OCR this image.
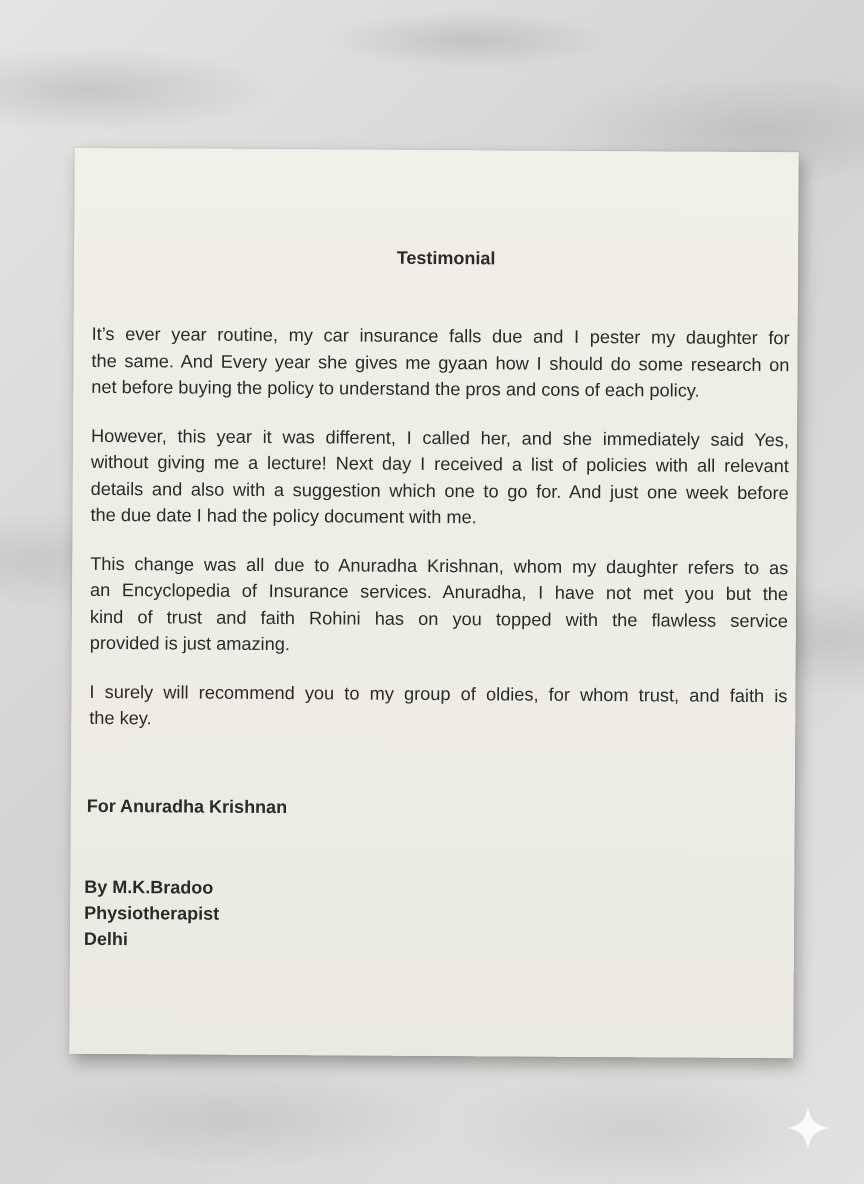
Testimonial

It’s ever year routine, my car insurance falls due and I pester my daughter for
the same. And Every year she gives me gyaan how I should do some research on
net before buying the policy to understand the pros and cons of each policy.

However, this year it was different, I called her, and she immediately said Yes,
without giving me a lecture! Next day I received a list of policies with all relevant
details and also with a suggestion which one to go for. And just one week before
the due date I had the policy document with me.

This change was all due to Anuradha Krishnan, whom my daughter refers to as
an Encyclopedia of Insurance services. Anuradha, I have not met you but the
kind of trust and faith Rohini has on you topped with the flawless service
provided is just amazing.

I surely will recommend you to my group of oldies, for whom trust, and faith is
the key.

For Anuradha Krishnan
By M.K.Bradoo
Physiotherapist
Delhi
